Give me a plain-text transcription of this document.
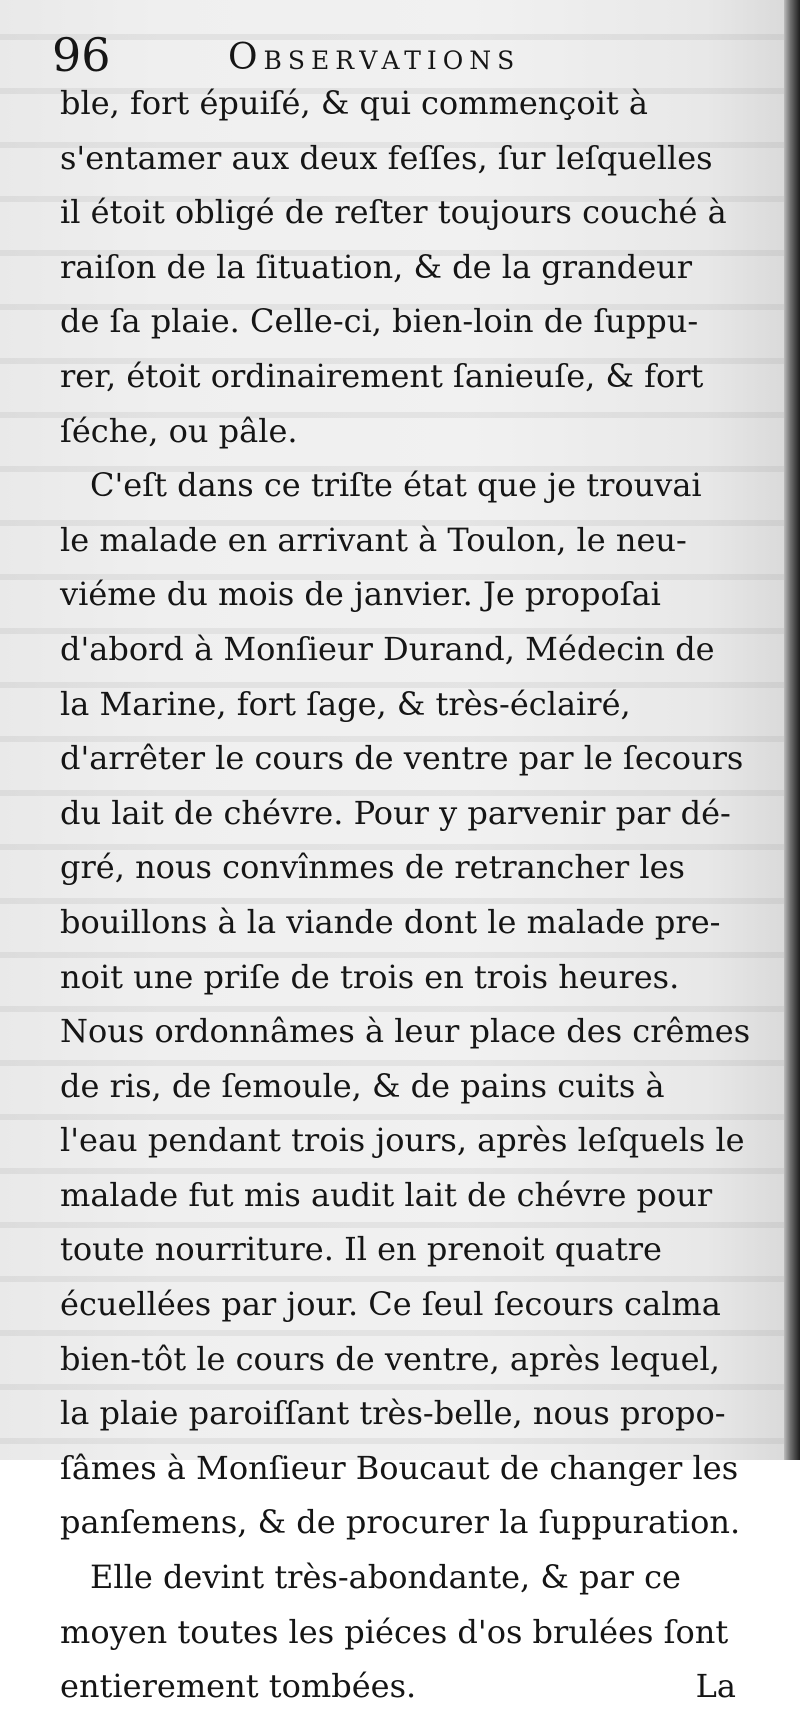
96	Observations
ble, fort épuiſé, & qui commençoit à
s'entamer aux deux feſſes, ſur leſquelles
il étoit obligé de reſter toujours couché à
raiſon de la ſituation, & de la grandeur
de ſa plaie. Celle-ci, bien-loin de ſuppu-
rer, étoit ordinairement ſanieuſe, & fort
ſéche, ou pâle.
C'eſt dans ce triſte état que je trouvai
le malade en arrivant à Toulon, le neu-
viéme du mois de janvier. Je propoſai
d'abord à Monſieur Durand, Médecin de
la Marine, fort ſage, & très-éclairé,
d'arrêter le cours de ventre par le ſecours
du lait de chévre. Pour y parvenir par dé-
gré, nous convînmes de retrancher les
bouillons à la viande dont le malade pre-
noit une priſe de trois en trois heures.
Nous ordonnâmes à leur place des crêmes
de ris, de ſemoule, & de pains cuits à
l'eau pendant trois jours, après leſquels le
malade fut mis audit lait de chévre pour
toute nourriture. Il en prenoit quatre
écuellées par jour. Ce ſeul ſecours calma
bien-tôt le cours de ventre, après lequel,
la plaie paroiſſant très-belle, nous propo-
ſâmes à Monſieur Boucaut de changer les
panſemens, & de procurer la ſuppuration.
Elle devint très-abondante, & par ce
moyen toutes les piéces d'os brulées ſont
entierement tombées.	La
